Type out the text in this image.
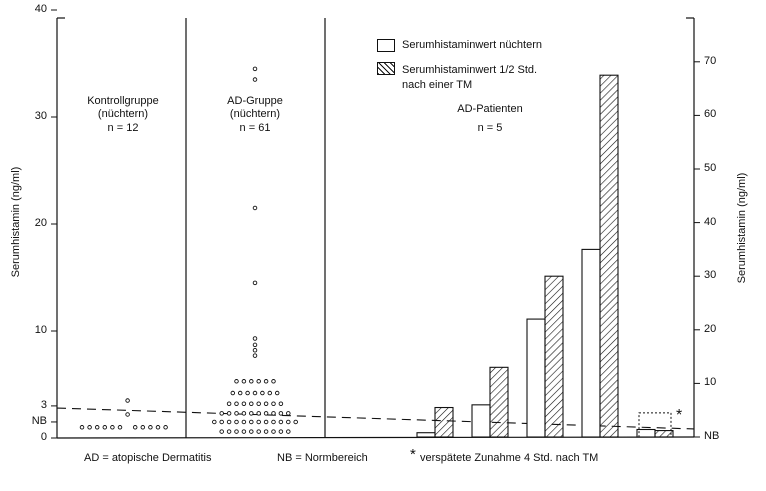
Serumhistamin (ng/ml)	Serumhistamin (ng/ml)
0
10
20
30
40
3
NB
10
20
30
40
50
60
70
NB
Kontrollgruppe
(nüchtern)
n = 12
AD-Gruppe
(nüchtern)
n = 61
AD-Patienten
n = 5
Serumhistaminwert nüchtern
Serumhistaminwert 1/2 Std.
nach einer TM
*
AD = atopische Dermatitis	NB = Normbereich	* verspätete Zunahme 4 Std. nach TM
